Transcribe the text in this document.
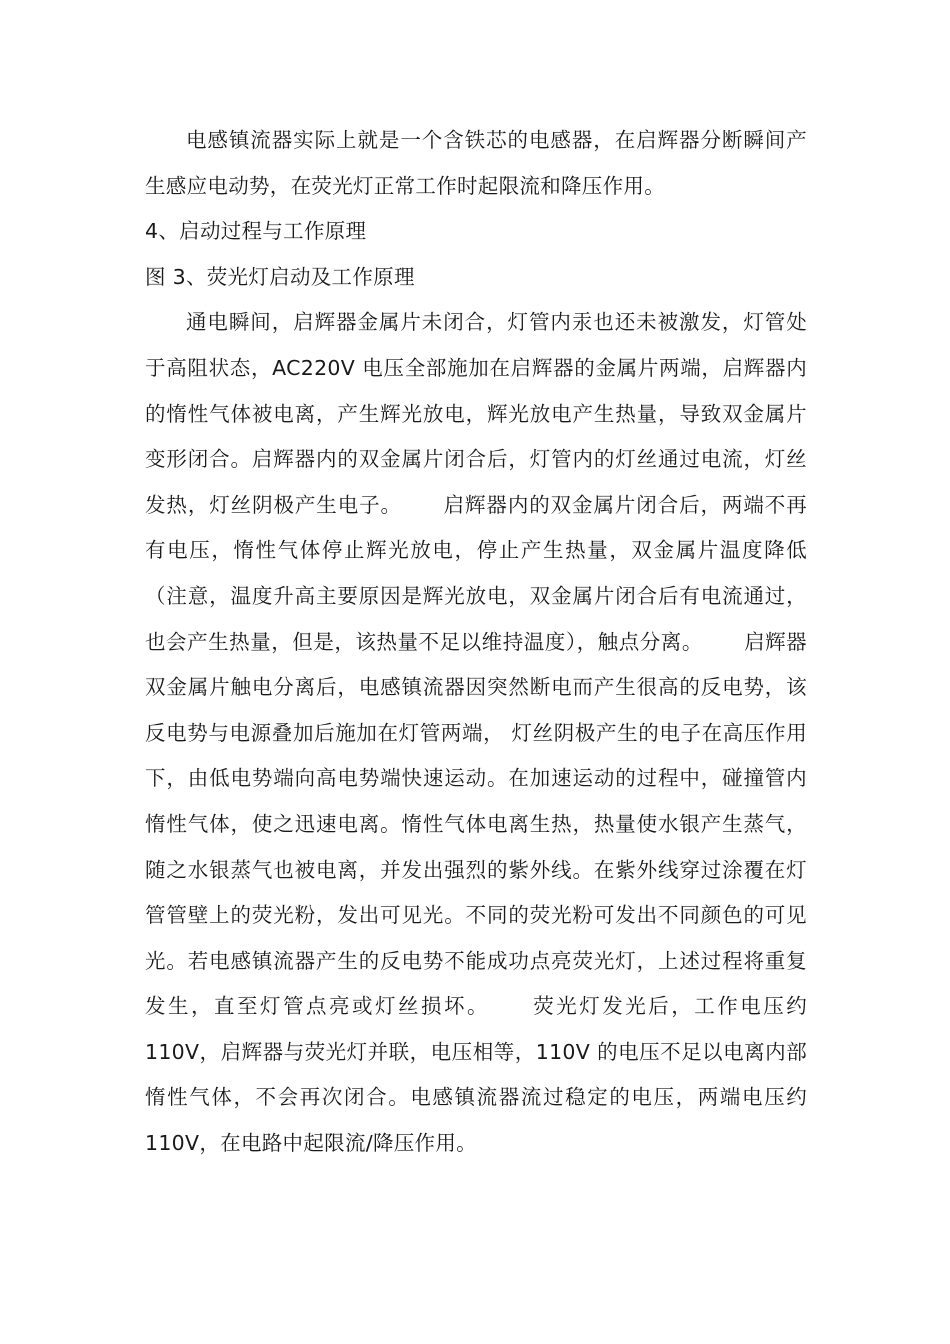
电感镇流器实际上就是一个含铁芯的电感器，在启辉器分断瞬间产生感应电动势，在荧光灯正常工作时起限流和降压作用。

4、启动过程与工作原理

图 3、荧光灯启动及工作原理

通电瞬间，启辉器金属片未闭合，灯管内汞也还未被激发，灯管处于高阻状态，AC220V 电压全部施加在启辉器的金属片两端，启辉器内的惰性气体被电离，产生辉光放电，辉光放电产生热量，导致双金属片变形闭合。启辉器内的双金属片闭合后，灯管内的灯丝通过电流，灯丝发热，灯丝阴极产生电子。 启辉器内的双金属片闭合后，两端不再有电压，惰性气体停止辉光放电，停止产生热量，双金属片温度降低（注意，温度升高主要原因是辉光放电，双金属片闭合后有电流通过，也会产生热量，但是，该热量不足以维持温度），触点分离。 启辉器双金属片触电分离后，电感镇流器因突然断电而产生很高的反电势，该反电势与电源叠加后施加在灯管两端， 灯丝阴极产生的电子在高压作用下，由低电势端向高电势端快速运动。在加速运动的过程中，碰撞管内惰性气体，使之迅速电离。惰性气体电离生热，热量使水银产生蒸气，随之水银蒸气也被电离，并发出强烈的紫外线。在紫外线穿过涂覆在灯管管壁上的荧光粉，发出可见光。不同的荧光粉可发出不同颜色的可见光。若电感镇流器产生的反电势不能成功点亮荧光灯，上述过程将重复发生，直至灯管点亮或灯丝损坏。 荧光灯发光后，工作电压约 110V，启辉器与荧光灯并联，电压相等，110V 的电压不足以电离内部惰性气体，不会再次闭合。电感镇流器流过稳定的电压，两端电压约 110V，在电路中起限流/降压作用。
